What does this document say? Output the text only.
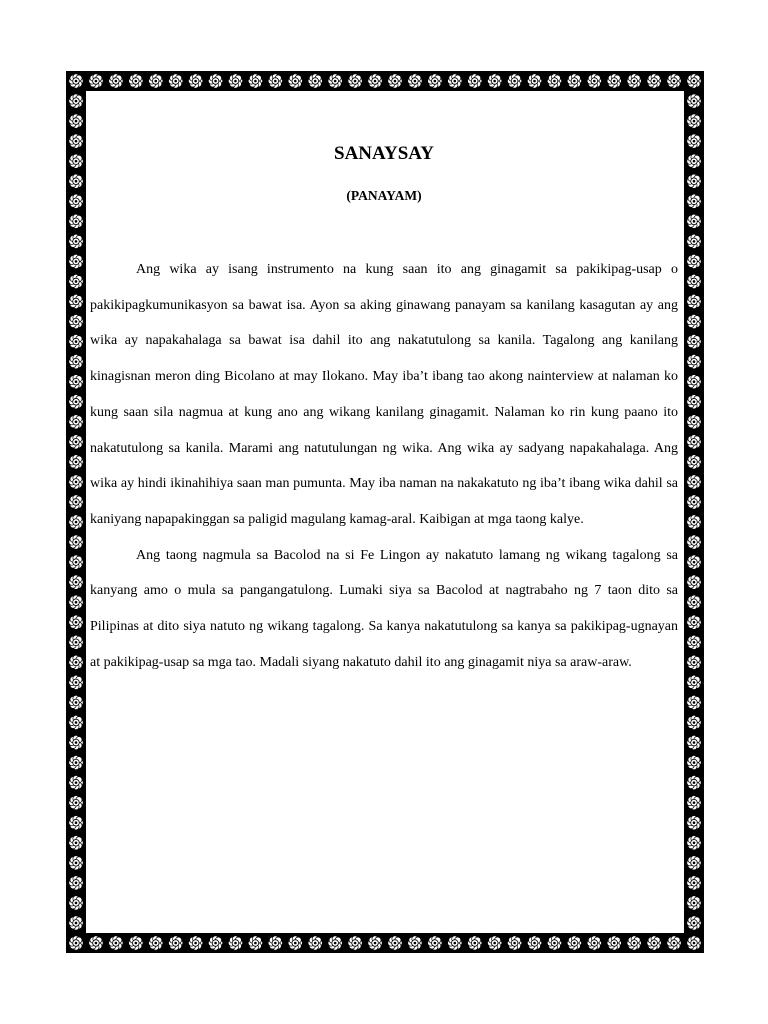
SANAYSAY
(PANAYAM)

Ang wika ay isang instrumento na kung saan ito ang ginagamit sa pakikipag-usap o pakikipagkumunikasyon sa bawat isa. Ayon sa aking ginawang panayam sa kanilang kasagutan ay ang wika ay napakahalaga sa bawat isa dahil ito ang nakatutulong sa kanila. Tagalong ang kanilang kinagisnan meron ding Bicolano at may Ilokano. May iba’t ibang tao akong nainterview at nalaman ko kung saan sila nagmua at kung ano ang wikang kanilang ginagamit. Nalaman ko rin kung paano ito nakatutulong sa kanila. Marami ang natutulungan ng wika. Ang wika ay sadyang napakahalaga. Ang wika ay hindi ikinahihiya saan man pumunta. May iba naman na nakakatuto ng iba’t ibang wika dahil sa kaniyang napapakinggan sa paligid magulang kamag-aral. Kaibigan at mga taong kalye.

Ang taong nagmula sa Bacolod na si Fe Lingon ay nakatuto lamang ng wikang tagalong sa kanyang amo o mula sa pangangatulong. Lumaki siya sa Bacolod at nagtrabaho ng 7 taon dito sa Pilipinas at dito siya natuto ng wikang tagalong. Sa kanya nakatutulong sa kanya sa pakikipag-ugnayan at pakikipag-usap sa mga tao. Madali siyang nakatuto dahil ito ang ginagamit niya sa araw-araw.
